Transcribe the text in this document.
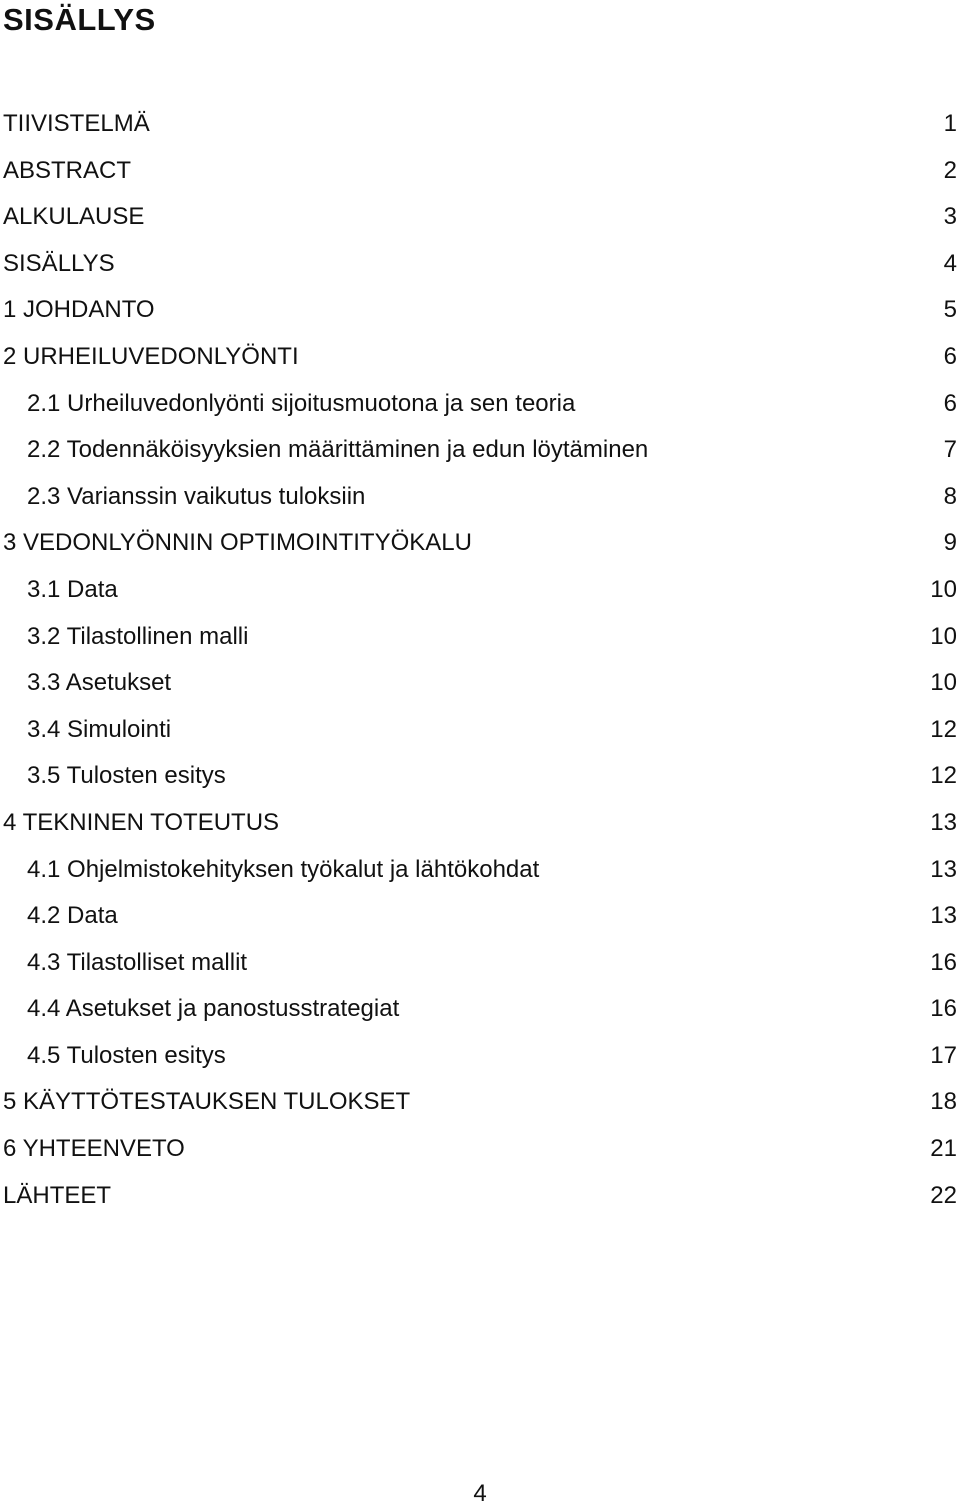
SISÄLLYS
TIIVISTELMÄ	1
ABSTRACT	2
ALKULAUSE	3
SISÄLLYS	4
1 JOHDANTO	5
2 URHEILUVEDONLYÖNTI	6
2.1 Urheiluvedonlyönti sijoitusmuotona ja sen teoria	6
2.2 Todennäköisyyksien määrittäminen ja edun löytäminen	7
2.3 Varianssin vaikutus tuloksiin	8
3 VEDONLYÖNNIN OPTIMOINTITYÖKALU	9
3.1 Data	10
3.2 Tilastollinen malli	10
3.3 Asetukset	10
3.4 Simulointi	12
3.5 Tulosten esitys	12
4 TEKNINEN TOTEUTUS	13
4.1 Ohjelmistokehityksen työkalut ja lähtökohdat	13
4.2 Data	13
4.3 Tilastolliset mallit	16
4.4 Asetukset ja panostusstrategiat	16
4.5 Tulosten esitys	17
5 KÄYTTÖTESTAUKSEN TULOKSET	18
6 YHTEENVETO	21
LÄHTEET	22
4
